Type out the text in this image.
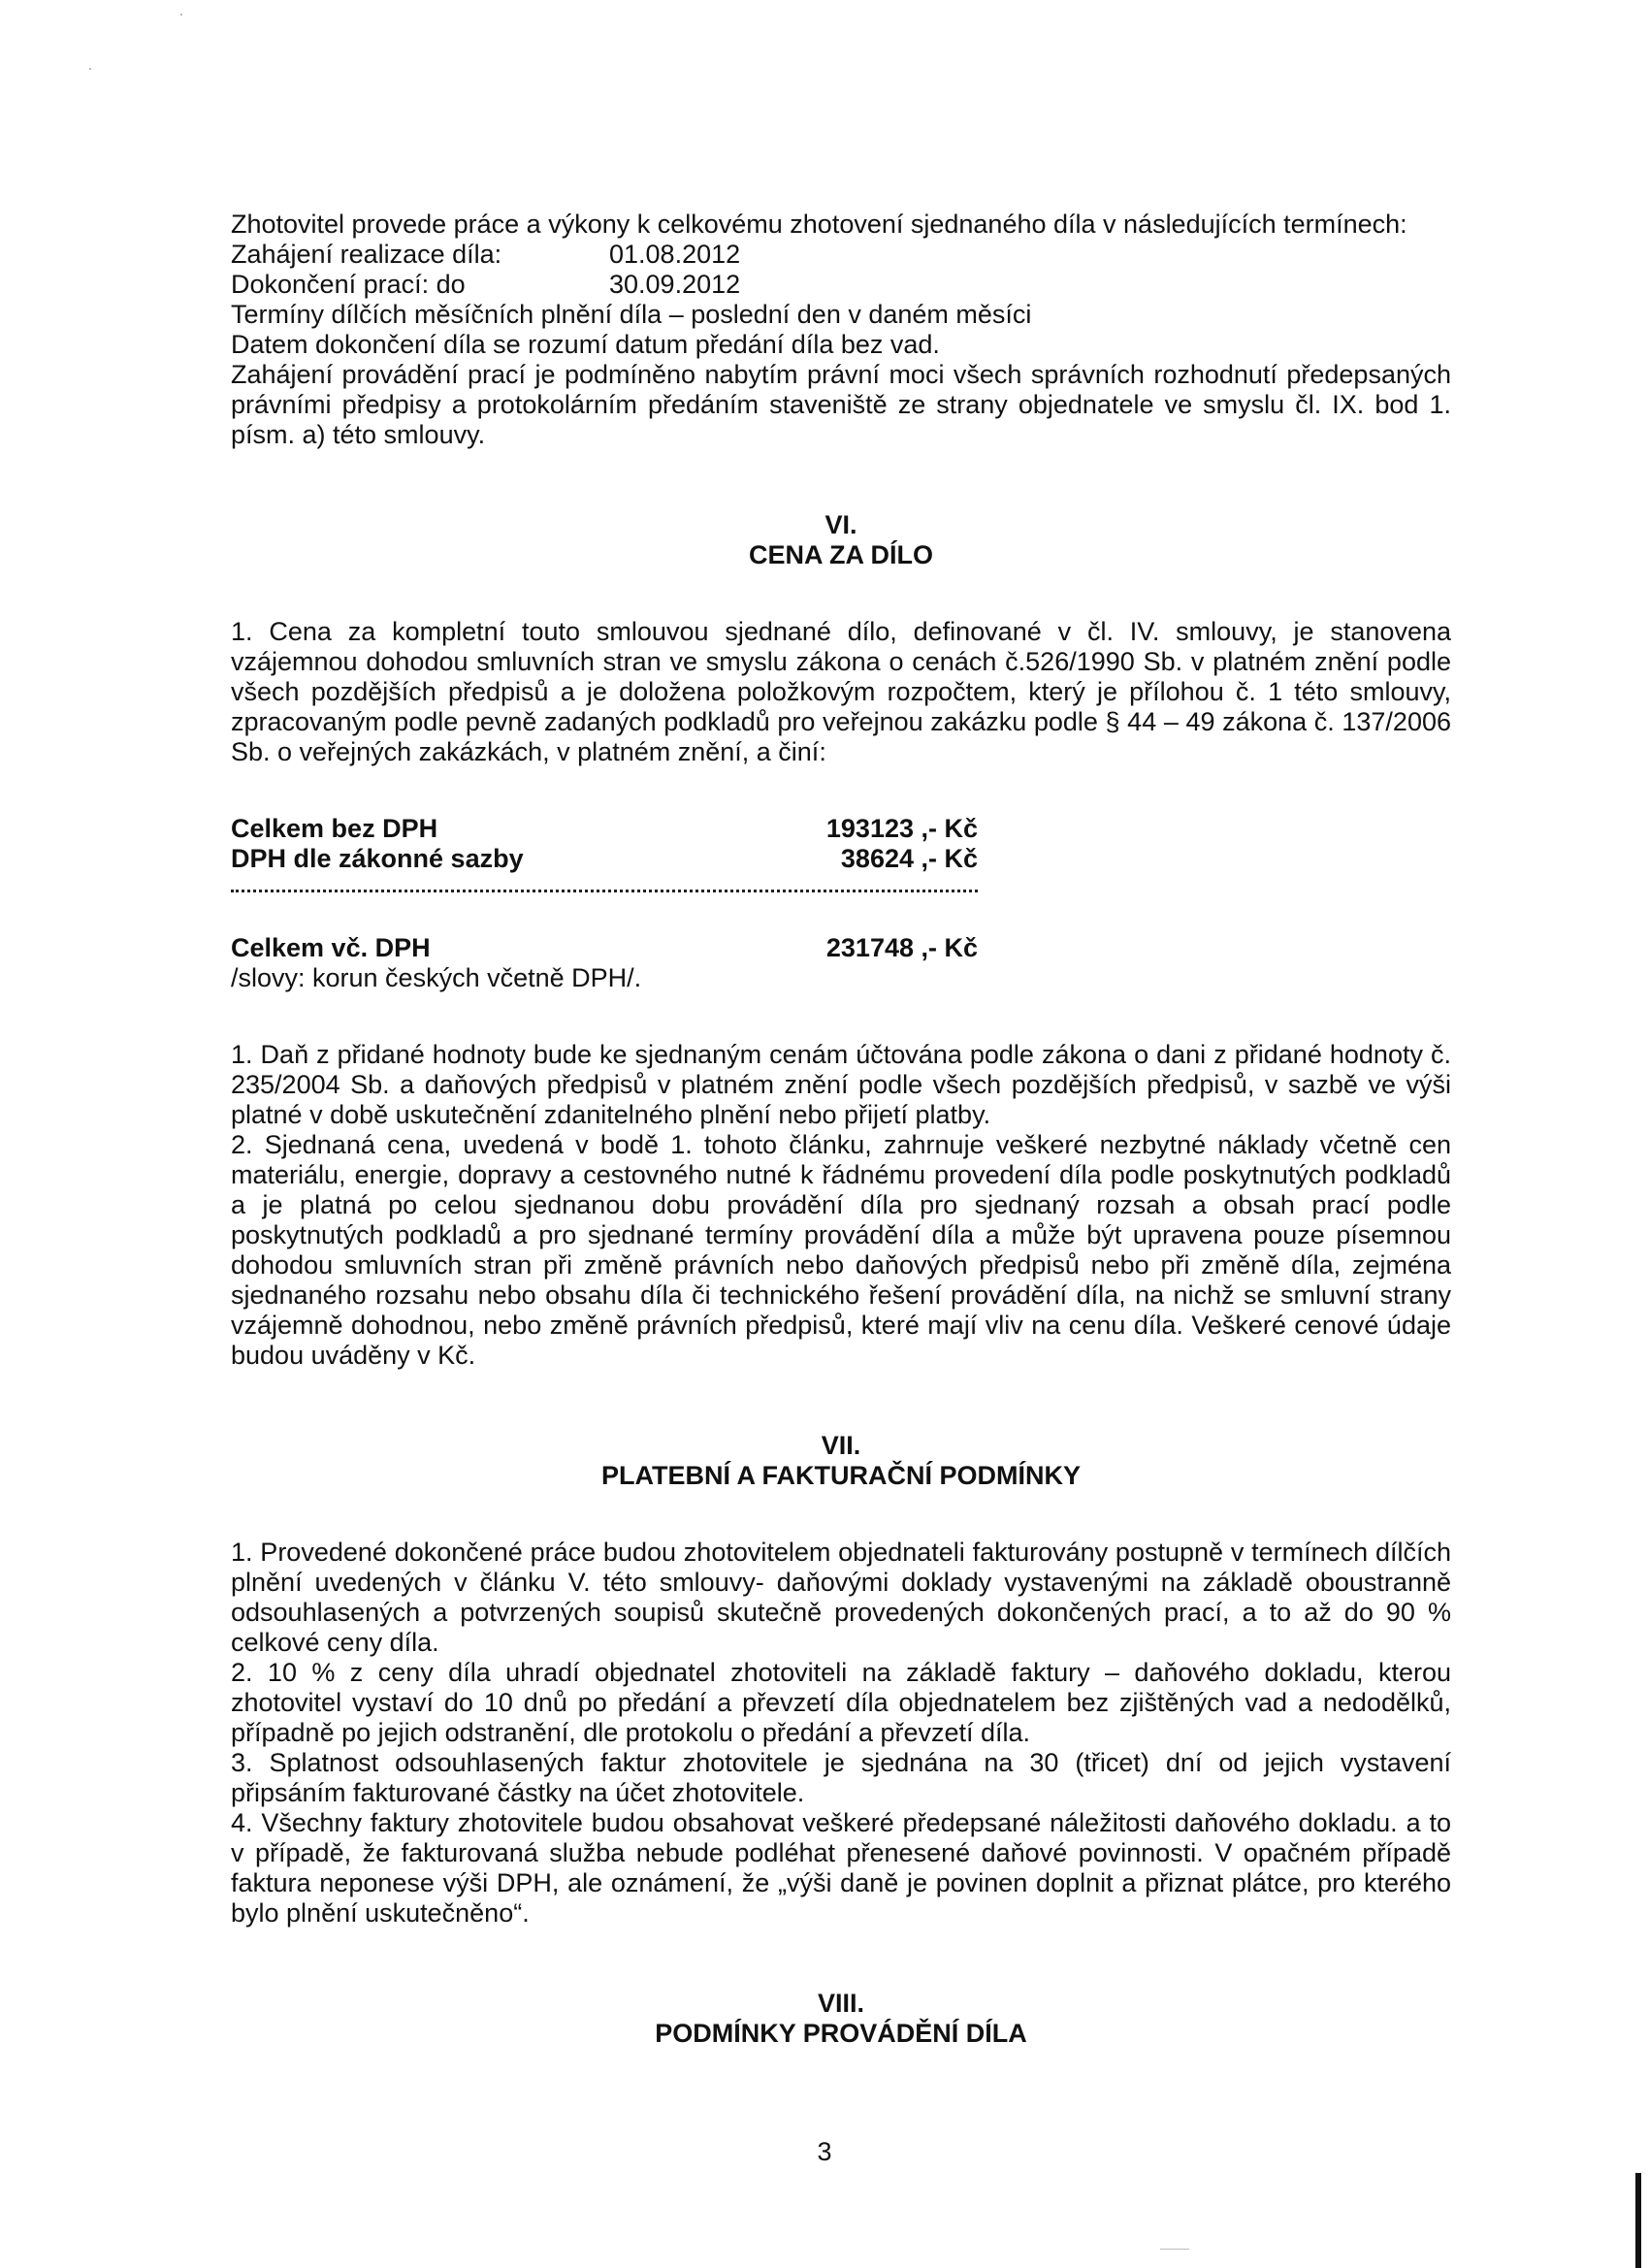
Zhotovitel provede práce a výkony k celkovému zhotovení sjednaného díla v následujících termínech:
Zahájení realizace díla:	01.08.2012
Dokončení prací: do	30.09.2012
Termíny dílčích měsíčních plnění díla – poslední den v daném měsíci
Datem dokončení díla se rozumí datum předání díla bez vad.
Zahájení provádění prací je podmíněno nabytím právní moci všech správních rozhodnutí předepsaných právními předpisy a protokolárním předáním staveniště ze strany objednatele ve smyslu čl. IX. bod 1. písm. a) této smlouvy.
VI.
CENA ZA DÍLO
1. Cena za kompletní touto smlouvou sjednané dílo, definované v čl. IV. smlouvy, je stanovena vzájemnou dohodou smluvních stran ve smyslu zákona o cenách č.526/1990 Sb. v platném znění podle všech pozdějších předpisů a je doložena položkovým rozpočtem, který je přílohou č. 1 této smlouvy, zpracovaným podle pevně zadaných podkladů pro veřejnou zakázku podle § 44 – 49 zákona č. 137/2006 Sb. o veřejných zakázkách, v platném znění, a činí:
Celkem bez DPH	193123 ,- Kč
DPH dle zákonné sazby	38624 ,- Kč
Celkem vč. DPH	231748 ,- Kč
/slovy: korun českých včetně DPH/.
1. Daň z přidané hodnoty bude ke sjednaným cenám účtována podle zákona o dani z přidané hodnoty č. 235/2004 Sb. a daňových předpisů v platném znění podle všech pozdějších předpisů, v sazbě ve výši platné v době uskutečnění zdanitelného plnění nebo přijetí platby.
2. Sjednaná cena, uvedená v bodě 1. tohoto článku, zahrnuje veškeré nezbytné náklady včetně cen materiálu, energie, dopravy a cestovného nutné k řádnému provedení díla podle poskytnutých podkladů a je platná po celou sjednanou dobu provádění díla pro sjednaný rozsah a obsah prací podle poskytnutých podkladů a pro sjednané termíny provádění díla a může být upravena pouze písemnou dohodou smluvních stran při změně právních nebo daňových předpisů nebo při změně díla, zejména sjednaného rozsahu nebo obsahu díla či technického řešení provádění díla, na nichž se smluvní strany vzájemně dohodnou, nebo změně právních předpisů, které mají vliv na cenu díla. Veškeré cenové údaje budou uváděny v Kč.
VII.
PLATEBNÍ A FAKTURAČNÍ PODMÍNKY
1. Provedené dokončené práce budou zhotovitelem objednateli fakturovány postupně v termínech dílčích plnění uvedených v článku V. této smlouvy- daňovými doklady vystavenými na základě oboustranně odsouhlasených a potvrzených soupisů skutečně provedených dokončených prací, a to až do 90 % celkové ceny díla.
2. 10 % z ceny díla uhradí objednatel zhotoviteli na základě faktury – daňového dokladu, kterou zhotovitel vystaví do 10 dnů po předání a převzetí díla objednatelem bez zjištěných vad a nedodělků, případně po jejich odstranění, dle protokolu o předání a převzetí díla.
3. Splatnost odsouhlasených faktur zhotovitele je sjednána na 30 (třicet) dní od jejich vystavení připsáním fakturované částky na účet zhotovitele.
4. Všechny faktury zhotovitele budou obsahovat veškeré předepsané náležitosti daňového dokladu. a to v případě, že fakturovaná služba nebude podléhat přenesené daňové povinnosti. V opačném případě faktura neponese výši DPH, ale oznámení, že „výši daně je povinen doplnit a přiznat plátce, pro kterého bylo plnění uskutečněno“.
VIII.
PODMÍNKY PROVÁDĚNÍ DÍLA
3
